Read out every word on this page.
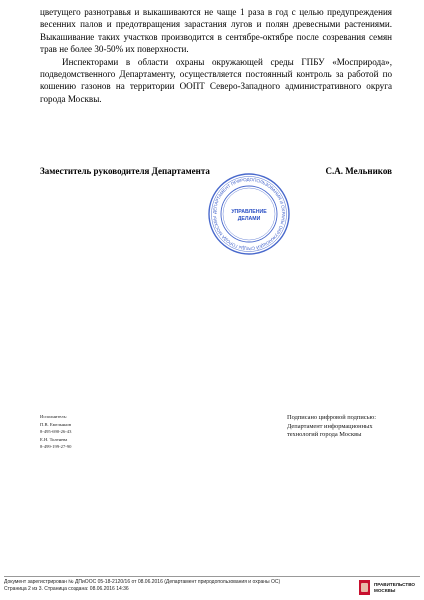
цветущего разнотравья и выкашиваются не чаще 1 раза в год с целью предупреждения весенних палов и предотвращения зарастания лугов и полян древесными растениями. Выкашивание таких участков производится в сентябре-октябре после созревания семян трав не более 30-50% их поверхности.

Инспекторами в области охраны окружающей среды ГПБУ «Мосприрода», подведомственного Департаменту, осуществляется постоянный контроль за работой по кошению газонов на территории ООПТ Северо-Западного административного округа города Москвы.

Заместитель руководителя Департамента	С.А. Мельников
ДЕПАРТАМЕНТ ПРИРОДОПОЛЬЗОВАНИЯ И ОХРАНЫ ОКРУЖАЮЩЕЙ СРЕДЫ ГОРОДА МОСКВЫ
УПРАВЛЕНИЕ
ДЕЛАМИ
Исполнитель:
П.В. Емельянов
8-495-690-26-43
Е.Н. Толенева
8-499-199-27-90
Подписано цифровой подписью:
Департамент информационных
технологий города Москвы
Документ зарегистрирован № ДПиООС 05-18-2120/16 от 08.06.2016 (Департамент природопользования и охраны ОС)
Страница 2 из 3. Страница создана: 08.06.2016 14:36
ПРАВИТЕЛЬСТВО
МОСКВЫ
